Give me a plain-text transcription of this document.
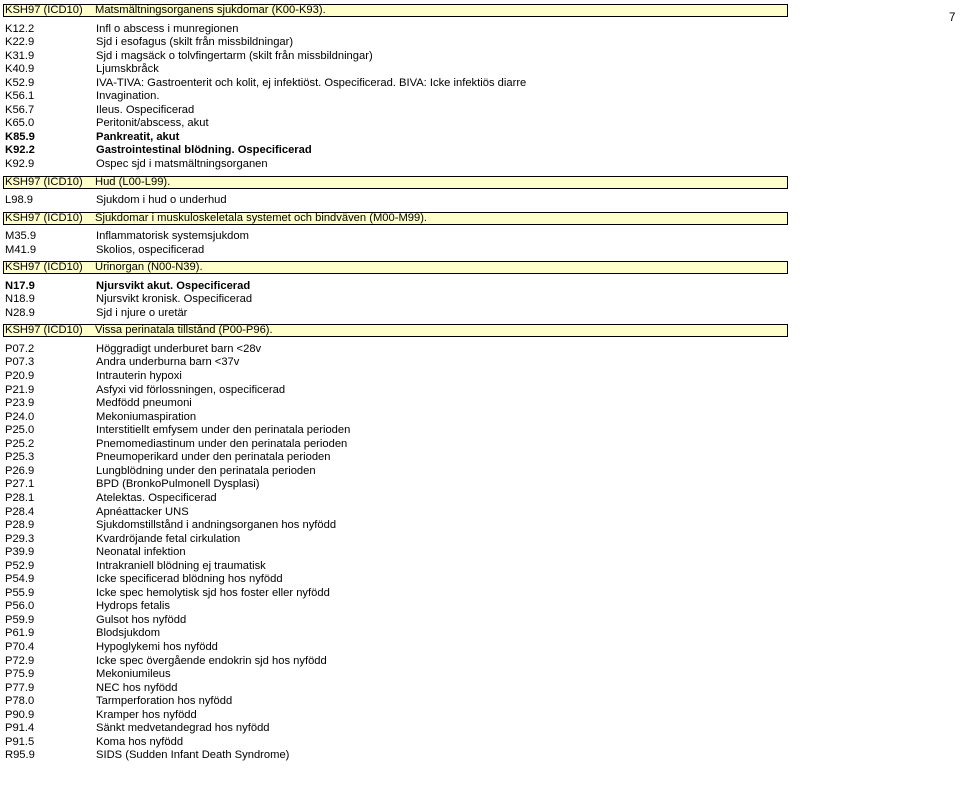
7
KSH97 (ICD10) Matsmältningsorganens sjukdomar (K00-K93).
K12.2	Infl o abscess i munregionen
K22.9	Sjd i esofagus (skilt från missbildningar)
K31.9	Sjd i magsäck o tolvfingertarm (skilt från missbildningar)
K40.9	Ljumskbråck
K52.9	IVA-TIVA: Gastroenterit och kolit, ej infektiöst. Ospecificerad. BIVA: Icke infektiös diarre
K56.1	Invagination.
K56.7	Ileus. Ospecificerad
K65.0	Peritonit/abscess, akut
K85.9	Pankreatit, akut
K92.2	Gastrointestinal blödning. Ospecificerad
K92.9	Ospec sjd i matsmältningsorganen
KSH97 (ICD10) Hud (L00-L99).
L98.9	Sjukdom i hud o underhud
KSH97 (ICD10) Sjukdomar i muskuloskeletala systemet och bindväven (M00-M99).
M35.9	Inflammatorisk systemsjukdom
M41.9	Skolios, ospecificerad
KSH97 (ICD10) Urinorgan (N00-N39).
N17.9	Njursvikt akut. Ospecificerad
N18.9	Njursvikt kronisk. Ospecificerad
N28.9	Sjd i njure o uretär
KSH97 (ICD10) Vissa perinatala tillstånd (P00-P96).
P07.2	Höggradigt underburet barn <28v
P07.3	Andra underburna barn <37v
P20.9	Intrauterin hypoxi
P21.9	Asfyxi vid förlossningen, ospecificerad
P23.9	Medfödd pneumoni
P24.0	Mekoniumaspiration
P25.0	Interstitiellt emfysem under den perinatala perioden
P25.2	Pnemomediastinum under den perinatala perioden
P25.3	Pneumoperikard under den perinatala perioden
P26.9	Lungblödning under den perinatala perioden
P27.1	BPD (BronkoPulmonell Dysplasi)
P28.1	Atelektas. Ospecificerad
P28.4	Apnéattacker UNS
P28.9	Sjukdomstillstånd i andningsorganen hos nyfödd
P29.3	Kvardröjande fetal cirkulation
P39.9	Neonatal infektion
P52.9	Intrakraniell blödning ej traumatisk
P54.9	Icke specificerad blödning hos nyfödd
P55.9	Icke spec hemolytisk sjd hos foster eller nyfödd
P56.0	Hydrops fetalis
P59.9	Gulsot hos nyfödd
P61.9	Blodsjukdom
P70.4	Hypoglykemi hos nyfödd
P72.9	Icke spec övergående endokrin sjd hos nyfödd
P75.9	Mekoniumileus
P77.9	NEC hos nyfödd
P78.0	Tarmperforation hos nyfödd
P90.9	Kramper hos nyfödd
P91.4	Sänkt medvetandegrad hos nyfödd
P91.5	Koma hos nyfödd
R95.9	SIDS (Sudden Infant Death Syndrome)
